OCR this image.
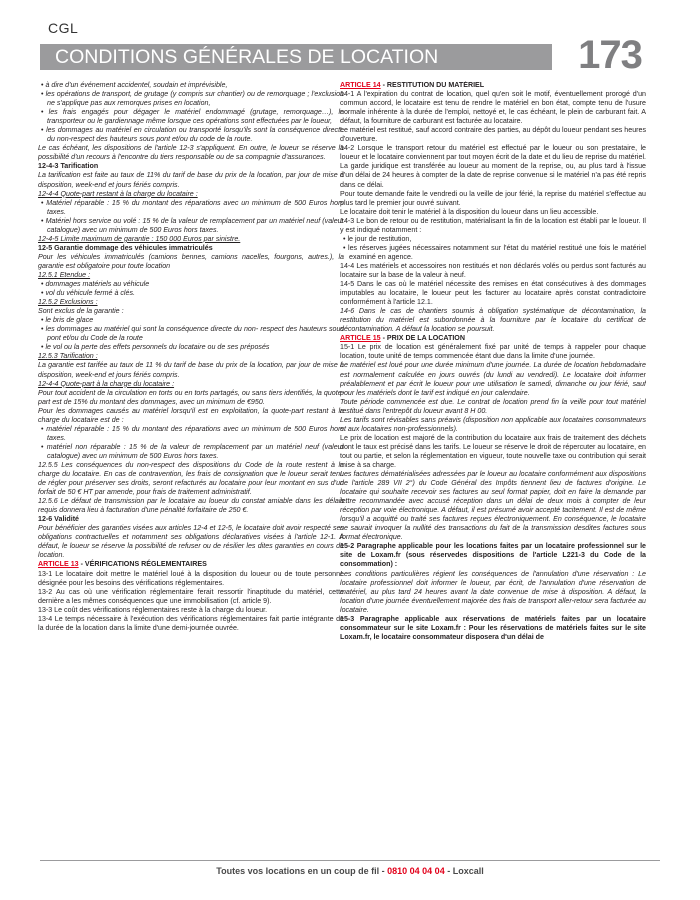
CGL
CONDITIONS GÉNÉRALES DE LOCATION	173

• à dire d'un événement accidentel, soudain et imprévisible,

• les opérations de transport, de grutage (y compris sur chantier) ou de remorquage ; l'exclusion ne s'applique pas aux remorques prises en location,

• les frais engagés pour dégager le matériel endommagé (grutage, remorquage…), le transporteur ou le gardiennage même lorsque ces opérations sont effectuées par le loueur,

• les dommages au matériel en circulation ou transporté lorsqu'ils sont la conséquence directe du non-respect des hauteurs sous pont et/ou du code de la route.

Le cas échéant, les dispositions de l'article 12-3 s'appliquent. En outre, le loueur se réserve la possibilité d'un recours à l'encontre du tiers responsable ou de sa compagnie d'assurances.

12-4-3 Tarification

La tarification est faite au taux de 11% du tarif de base du prix de la location, par jour de mise à disposition, week-end et jours fériés compris.

12-4-4 Quote-part restant à la charge du locataire :

• Matériel réparable : 15 % du montant des réparations avec un minimum de 500 Euros hors taxes.

• Matériel hors service ou volé : 15 % de la valeur de remplacement par un matériel neuf (valeur catalogue) avec un minimum de 500 Euros hors taxes.

12-4-5 Limite maximum de garantie : 150 000 Euros par sinistre.

12-5 Garantie dommage des véhicules immatriculés

Pour les véhicules immatriculés (camions bennes, camions nacelles, fourgons, autres.), la garantie est obligatoire pour toute location

12.5.1 Etendue :

• dommages matériels au véhicule

• vol du véhicule fermé à clés.

12.5.2 Exclusions :

Sont exclus de la garantie :

• le bris de glace

• les dommages au matériel qui sont la conséquence directe du non- respect des hauteurs sous pont et/ou du Code de la route

• le vol ou la perte des effets personnels du locataire ou de ses préposés

12.5.3 Tarification :

La garantie est tarifée au taux de 11 % du tarif de base du prix de la location, par jour de mise à disposition, week-end et jours fériés compris.

12-4-4 Quote-part à la charge du locataire :

Pour tout accident de la circulation en torts ou en torts partagés, ou sans tiers identifiés, la quote-part est de 15% du montant des dommages, avec un minimum de €950.

Pour les dommages causés au matériel lorsqu'il est en exploitation, la quote-part restant à la charge du locataire est de :

• matériel réparable : 15 % du montant des réparations avec un minimum de 500 Euros hors taxes.

• matériel non réparable : 15 % de la valeur de remplacement par un matériel neuf (valeur catalogue) avec un minimum de 500 Euros hors taxes.

12.5.5 Les conséquences du non-respect des dispositions du Code de la route restent à la charge du locataire. En cas de contravention, les frais de consignation que le loueur serait tenu de régler pour préserver ses droits, seront refacturés au locataire pour leur montant en sus d'un forfait de 50 € HT par amende, pour frais de traitement administratif.

12.5.6 Le défaut de transmission par le locataire au loueur du constat amiable dans les délais requis donnera lieu à facturation d'une pénalité forfaitaire de 250 €.

12-6 Validité

Pour bénéficier des garanties visées aux articles 12-4 et 12-5, le locataire doit avoir respecté ses obligations contractuelles et notamment ses obligations déclaratives visées à l'article 12-1. A défaut, le loueur se réserve la possibilité de refuser ou de résilier les dites garanties en cours de location.

ARTICLE 13 - VÉRIFICATIONS RÉGLEMENTAIRES

13-1 Le locataire doit mettre le matériel loué à la disposition du loueur ou de toute personne désignée pour les besoins des vérifications réglementaires.

13-2 Au cas où une vérification réglementaire ferait ressortir l'inaptitude du matériel, cette dernière a les mêmes conséquences que une immobilisation (cf. article 9).

13-3 Le coût des vérifications réglementaires reste à la charge du loueur.

13-4 Le temps nécessaire à l'exécution des vérifications réglementaires fait partie intégrante de la durée de la location dans la limite d'une demi-journée ouvrée.

ARTICLE 14 - RESTITUTION DU MATÉRIEL

14-1 A l'expiration du contrat de location, quel qu'en soit le motif, éventuellement prorogé d'un commun accord, le locataire est tenu de rendre le matériel en bon état, compte tenu de l'usure normale inhérente à la durée de l'emploi, nettoyé et, le cas échéant, le plein de carburant fait. A défaut, la fourniture de carburant est facturée au locataire.

Le matériel est restitué, sauf accord contraire des parties, au dépôt du loueur pendant ses heures d'ouverture.

14-2 Lorsque le transport retour du matériel est effectué par le loueur ou son prestataire, le loueur et le locataire conviennent par tout moyen écrit de la date et du lieu de reprise du matériel. La garde juridique est transférée au loueur au moment de la reprise, ou, au plus tard à l'issue d'un délai de 24 heures à compter de la date de reprise convenue si le matériel n'a pas été repris dans ce délai.

Pour toute demande faite le vendredi ou la veille de jour férié, la reprise du matériel s'effectue au plus tard le premier jour ouvré suivant.

Le locataire doit tenir le matériel à la disposition du loueur dans un lieu accessible.

14-3 Le bon de retour ou de restitution, matérialisant la fin de la location est établi par le loueur. Il y est indiqué notamment :

• le jour de restitution,

• les réserves jugées nécessaires notamment sur l'état du matériel restitué une fois le matériel examiné en agence.

14-4 Les matériels et accessoires non restitués et non déclarés volés ou perdus sont facturés au locataire sur la base de la valeur à neuf.

14-5 Dans le cas où le matériel nécessite des remises en état consécutives à des dommages imputables au locataire, le loueur peut les facturer au locataire après constat contradictoire conformément à l'article 12.1.

14-6 Dans le cas de chantiers soumis à obligation systématique de décontamination, la restitution du matériel est subordonnée à la fourniture par le locataire du certificat de décontamination. A défaut la location se poursuit.

ARTICLE 15 - PRIX DE LA LOCATION

15-1 Le prix de location est généralement fixé par unité de temps à rappeler pour chaque location, toute unité de temps commencée étant due dans la limite d'une journée.

Le matériel est loué pour une durée minimum d'une journée. La durée de location hebdomadaire est normalement calculée en jours ouvrés (du lundi au vendredi). Le locataire doit informer préalablement et par écrit le loueur pour une utilisation le samedi, dimanche ou jour férié, sauf pour les matériels dont le tarif est indiqué en jour calendaire.

Toute période commencée est due. Le contrat de location prend fin la veille pour tout matériel restitué dans l'entrepôt du loueur avant 8 H 00.

Les tarifs sont révisables sans préavis (disposition non applicable aux locataires consommateurs et aux locataires non-professionnels).

Le prix de location est majoré de la contribution du locataire aux frais de traitement des déchets dont le taux est précisé dans les tarifs. Le loueur se réserve le droit de répercuter au locataire, en tout ou partie, et selon la réglementation en vigueur, toute nouvelle taxe ou contribution qui serait mise à sa charge.

Les factures dématérialisées adressées par le loueur au locataire conformément aux dispositions de l'article 289 VII 2°) du Code Général des Impôts tiennent lieu de factures d'origine. Le locataire qui souhaite recevoir ses factures au seul format papier, doit en faire la demande par lettre recommandée avec accusé réception dans un délai de deux mois à compter de leur réception par voie électronique. A défaut, il est présumé avoir accepté tacitement. Il est de même lorsqu'il a acquitté ou traité ses factures reçues électroniquement. En conséquence, le locataire ne saurait invoquer la nullité des transactions du fait de la transmission desdites factures sous format électronique.

15-2 Paragraphe applicable pour les locations faites par un locataire professionnel sur le site de Loxam.fr (sous réservedes dispositions de l'article L221-3 du Code de la consommation) :

Les conditions particulières régient les conséquences de l'annulation d'une réservation : Le locataire professionnel doit informer le loueur, par écrit, de l'annulation d'une réservation de matériel, au plus tard 24 heures avant la date convenue de mise à disposition. A défaut, la location d'une journée éventuellement majorée des frais de transport aller-retour sera facturée au locataire.

15-3 Paragraphe applicable aux réservations de matériels faites par un locataire consommateur sur le site Loxam.fr : Pour les réservations de matériels faites sur le site Loxam.fr, le locataire consommateur disposera d'un délai de

Toutes vos locations en un coup de fil - 0810 04 04 04 - Loxcall
